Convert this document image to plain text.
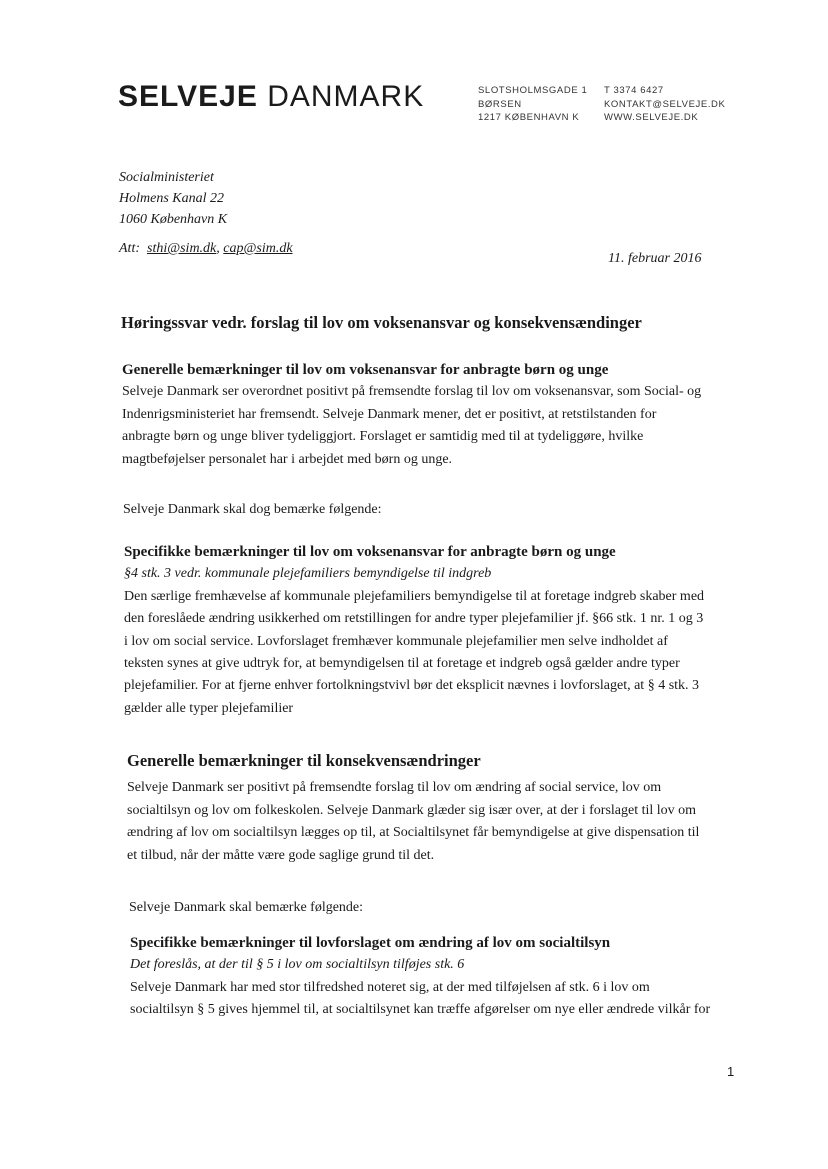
SELVEJE DANMARK	SLOTSHOLMSGADE 1
BØRSEN
1217 KØBENHAVN K
T 3374 6427
KONTAKT@SELVEJE.DK
WWW.SELVEJE.DK
Socialministeriet
Holmens Kanal 22
1060 København K
Att: sthi@sim.dk, cap@sim.dk
11. februar 2016
Høringssvar vedr. forslag til lov om voksenansvar og konsekvensændinger
Generelle bemærkninger til lov om voksenansvar for anbragte børn og unge
Selveje Danmark ser overordnet positivt på fremsendte forslag til lov om voksenansvar, som Social- og
Indenrigsministeriet har fremsendt. Selveje Danmark mener, det er positivt, at retstilstanden for
anbragte børn og unge bliver tydeliggjort. Forslaget er samtidig med til at tydeliggøre, hvilke
magtbeføjelser personalet har i arbejdet med børn og unge.
Selveje Danmark skal dog bemærke følgende:
Specifikke bemærkninger til lov om voksenansvar for anbragte børn og unge
§4 stk. 3 vedr. kommunale plejefamiliers bemyndigelse til indgreb
Den særlige fremhævelse af kommunale plejefamiliers bemyndigelse til at foretage indgreb skaber med
den foreslåede ændring usikkerhed om retstillingen for andre typer plejefamilier jf. §66 stk. 1 nr. 1 og 3
i lov om social service. Lovforslaget fremhæver kommunale plejefamilier men selve indholdet af
teksten synes at give udtryk for, at bemyndigelsen til at foretage et indgreb også gælder andre typer
plejefamilier. For at fjerne enhver fortolkningstvivl bør det eksplicit nævnes i lovforslaget, at § 4 stk. 3
gælder alle typer plejefamilier
Generelle bemærkninger til konsekvensændringer
Selveje Danmark ser positivt på fremsendte forslag til lov om ændring af social service, lov om
socialtilsyn og lov om folkeskolen. Selveje Danmark glæder sig især over, at der i forslaget til lov om
ændring af lov om socialtilsyn lægges op til, at Socialtilsynet får bemyndigelse at give dispensation til
et tilbud, når der måtte være gode saglige grund til det.
Selveje Danmark skal bemærke følgende:
Specifikke bemærkninger til lovforslaget om ændring af lov om socialtilsyn
Det foreslås, at der til § 5 i lov om socialtilsyn tilføjes stk. 6
Selveje Danmark har med stor tilfredshed noteret sig, at der med tilføjelsen af stk. 6 i lov om
socialtilsyn § 5 gives hjemmel til, at socialtilsynet kan træffe afgørelser om nye eller ændrede vilkår for
1
